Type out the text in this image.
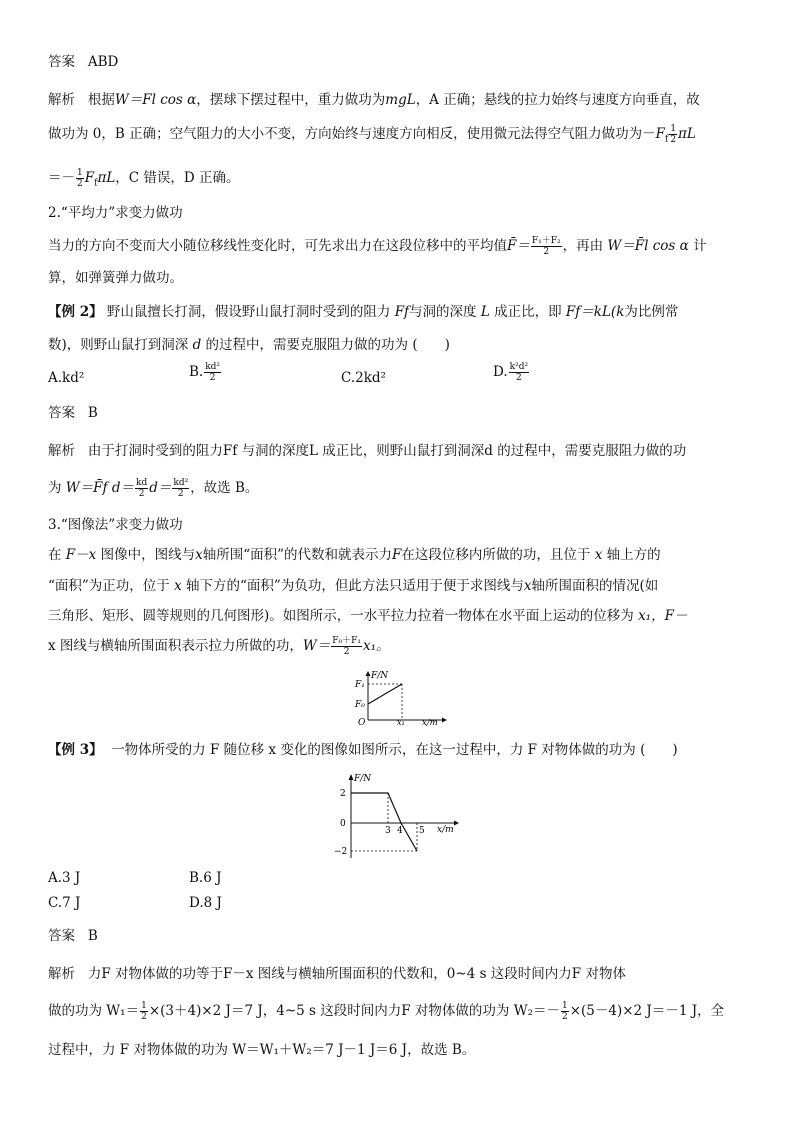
答案 ABD
解析 根据W＝Fl cos α，摆球下摆过程中，重力做功为mgL，A 正确；悬线的拉力始终与速度方向垂直，故
做功为 0，B 正确；空气阻力的大小不变，方向始终与速度方向相反，使用微元法得空气阻力做功为$-F_f \frac{1}{2}$ πL
＝－ $\frac{1}{2} F_f\pi L$，C 错误，D 正确。
2.“平均力”求变力做功
当力的方向不变而大小随位移线性变化时，可先求出力在这段位移中的平均值F̄＝ $\frac{\text{F₁＋F₂}}{2}$ ，再由 W＝F̄l cos α 计
算，如弹簧弹力做功。
【例 2】 野山鼠擅长打洞，假设野山鼠打洞时受到的阻力 Ff与洞的深度 L 成正比，即 Ff＝kL(k为比例常
数)，则野山鼠打到洞深 d 的过程中，需要克服阻力做的功为 (　　)
A.kd²	B. $\frac{\text{kd²}}{2}$	C.2kd²	D. $\frac{\text{k²d²}}{2}$
答案 B
解析 由于打洞时受到的阻力Ff 与洞的深度L 成正比，则野山鼠打到洞深d 的过程中，需要克服阻力做的功
为 W＝F̄f $d= \frac{kd}{2} d= \frac{\text{kd²}}{2}$ ，故选 B。
3.“图像法”求变力做功
在 F－x 图像中，图线与x轴所围“面积”的代数和就表示力F在这段位移内所做的功，且位于 x 轴上方的
“面积”为正功，位于 x 轴下方的“面积”为负功，但此方法只适用于便于求图线与x轴所围面积的情况(如
三角形、矩形、圆等规则的几何图形)。如图所示，一水平拉力拉着一物体在水平面上运动的位移为 x₁，F－
x 图线与横轴所围面积表示拉力所做的功，$W= \frac{\text{F₀＋F₁}}{2} x_1$。
F/N
F₁
F₀
O	x₁ x/m
【例 3】 一物体所受的力 F 随位移 x 变化的图像如图所示，在这一过程中，力 F 对物体做的功为 (　　)
F/N
2
0
−2
3 4 5 x/m
A.3 J	B.6 J
C.7 J	D.8 J
答案 B
解析 力F 对物体做的功等于F－x 图线与横轴所围面积的代数和，0~4 s 这段时间内力F 对物体
做的功为 $W_1= \frac{1}{2} \times(3+4)\times 2$ J＝7 J，4~5 s 这段时间内力F 对物体做的功为 $W_2=- \frac{1}{2} \times(5-4)\times 2$ J＝－1 J，全
过程中，力 F 对物体做的功为 W＝W₁＋W₂＝7 J－1 J＝6 J，故选 B。
